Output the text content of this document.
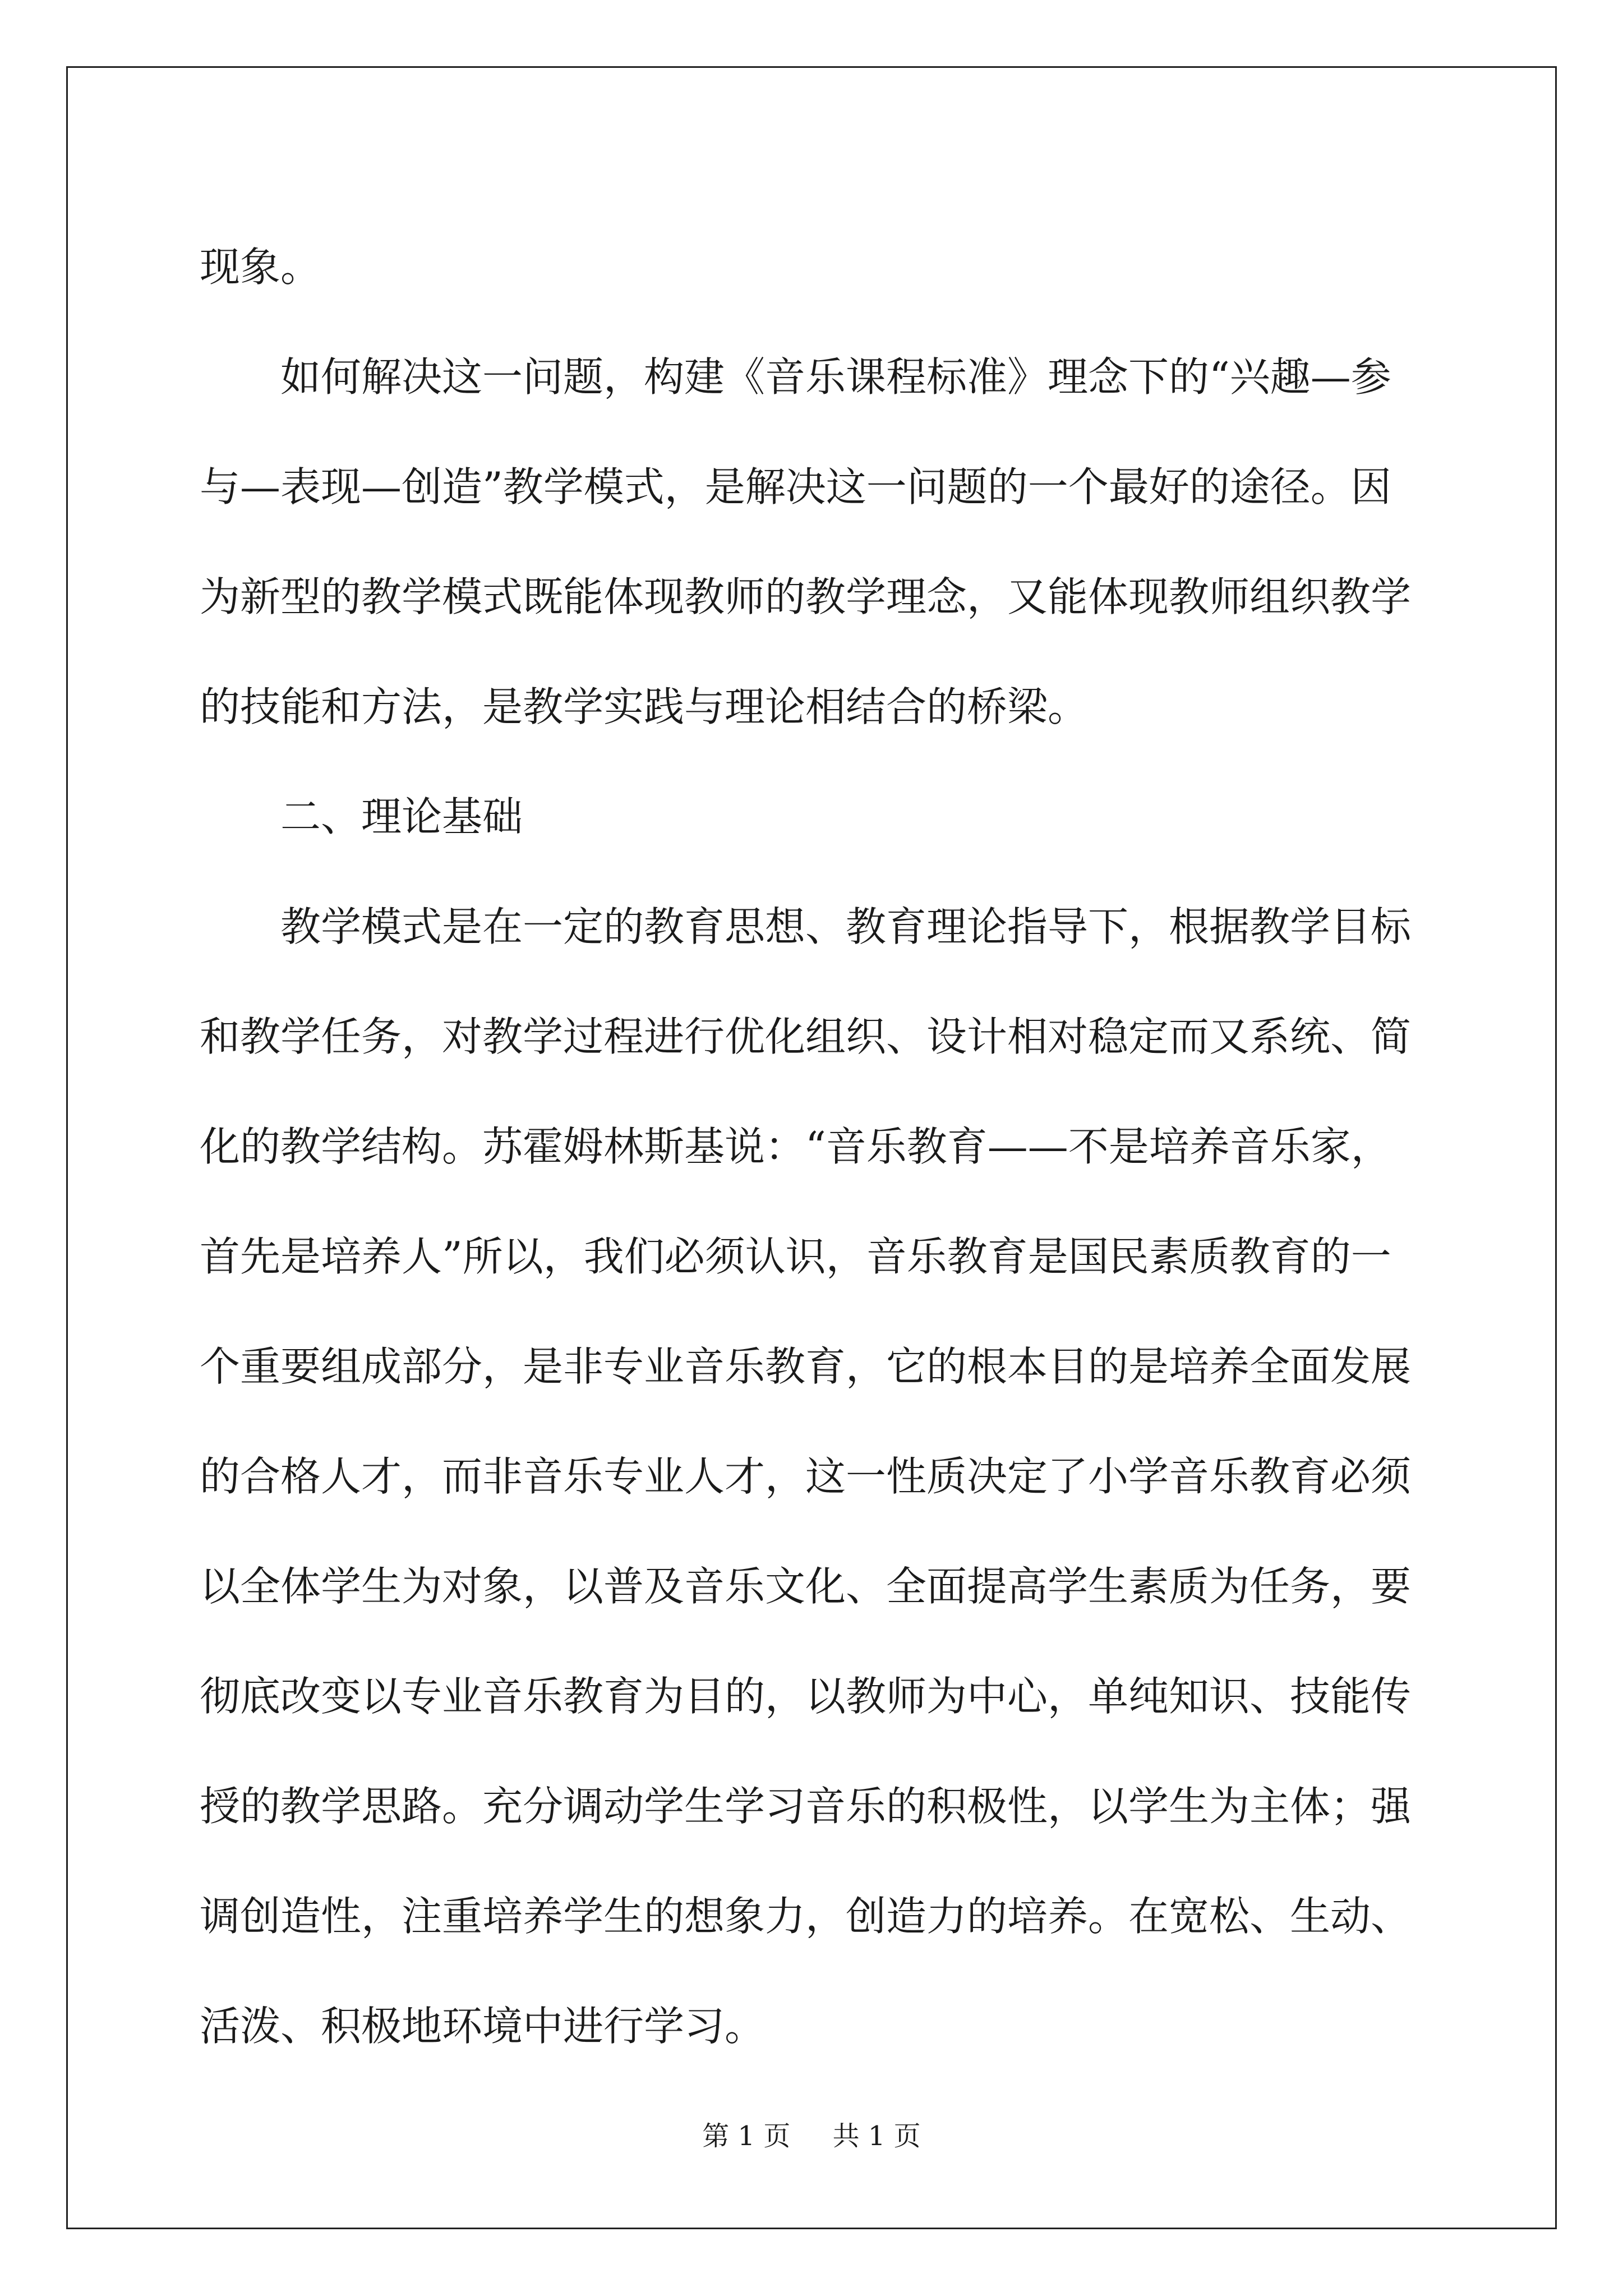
现象。
如何解决这一问题，构建《音乐课程标准》理念下的“兴趣—参
与—表现—创造”教学模式，是解决这一问题的一个最好的途径。因
为新型的教学模式既能体现教师的教学理念，又能体现教师组织教学
的技能和方法，是教学实践与理论相结合的桥梁。
二、理论基础
教学模式是在一定的教育思想、教育理论指导下，根据教学目标
和教学任务，对教学过程进行优化组织、设计相对稳定而又系统、简
化的教学结构。苏霍姆林斯基说：“音乐教育——不是培养音乐家，
首先是培养人”所以，我们必须认识，音乐教育是国民素质教育的一
个重要组成部分，是非专业音乐教育，它的根本目的是培养全面发展
的合格人才，而非音乐专业人才，这一性质决定了小学音乐教育必须
以全体学生为对象，以普及音乐文化、全面提高学生素质为任务，要
彻底改变以专业音乐教育为目的，以教师为中心，单纯知识、技能传
授的教学思路。充分调动学生学习音乐的积极性，以学生为主体；强
调创造性，注重培养学生的想象力，创造力的培养。在宽松、生动、
活泼、积极地环境中进行学习。
第 1 页 共 1 页
